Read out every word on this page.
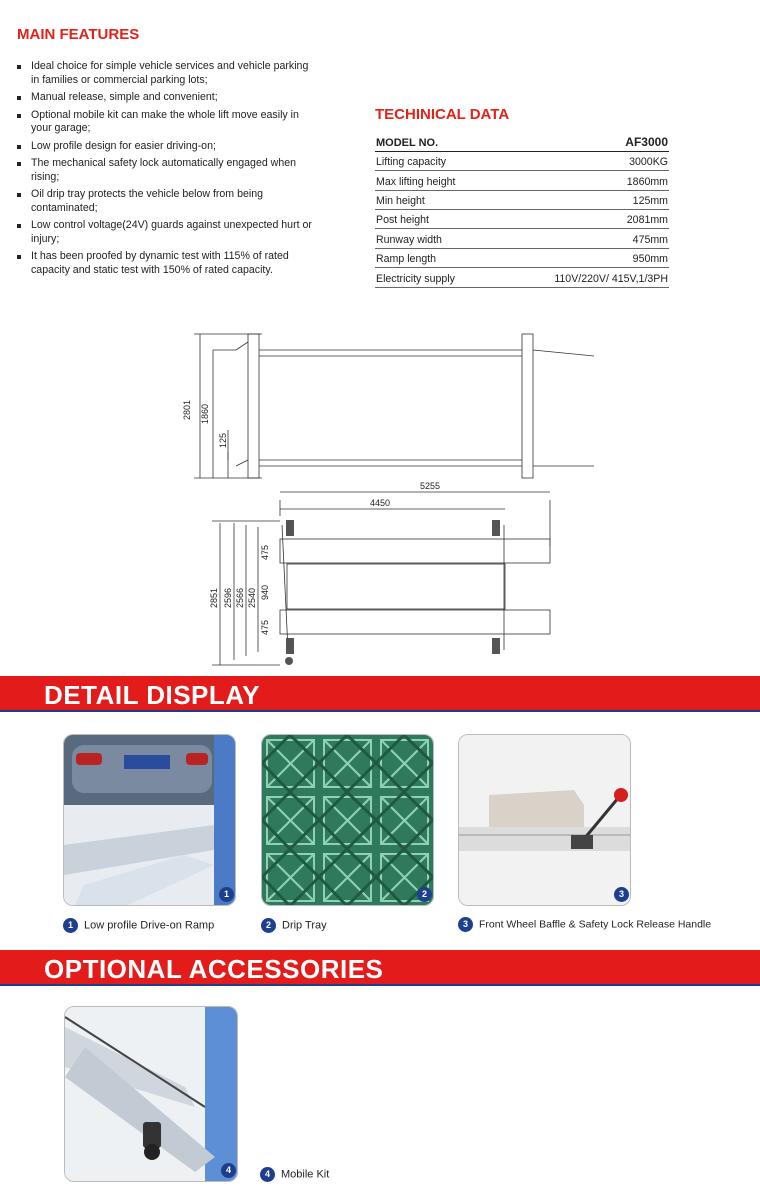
MAIN FEATURES
Ideal choice for simple vehicle services and vehicle parking in families or commercial parking lots;
Manual release, simple and convenient;
Optional mobile kit can make the whole lift move easily in your garage;
Low profile design for easier driving-on;
The mechanical safety lock automatically engaged when rising;
Oil drip tray protects the vehicle below from being contaminated;
Low control voltage(24V) guards against unexpected hurt or injury;
It has been proofed by dynamic test with 115% of rated capacity and static test with 150% of rated capacity.
TECHINICAL DATA
MODEL NO.	AF3000
Lifting capacity	3000KG
Max lifting height	1860mm
Min height	125mm
Post height	2081mm
Runway width	475mm
Ramp length	950mm
Electricity supply	110V/220V/ 415V,1/3PH
2801 1860
125
5255
4450
2851 2596 2566 2540
475
940
475
DETAIL DISPLAY
1
1 Low profile Drive-on Ramp
2
2 Drip Tray
3
3 Front Wheel Baffle & Safety Lock Release Handle
OPTIONAL ACCESSORIES
4	4 Mobile Kit
